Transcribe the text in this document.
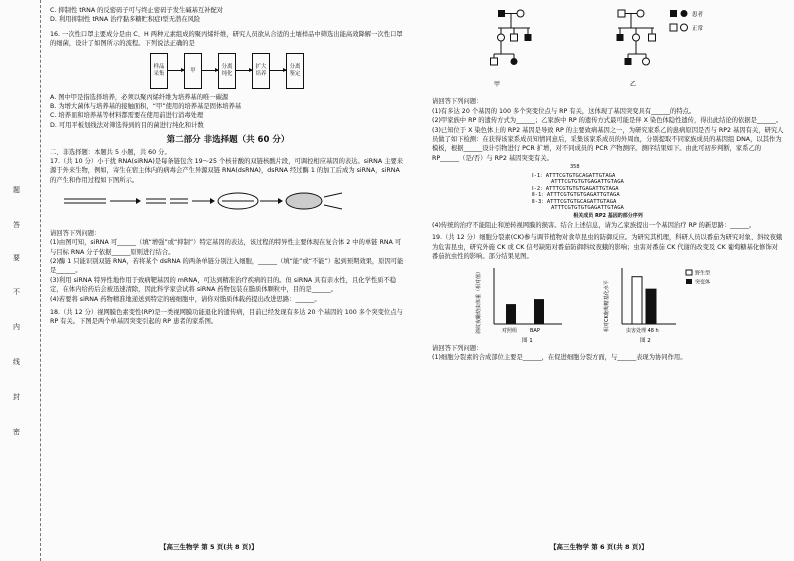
题
答
要
不
内
线
封
密

C. 抑制性 tRNA 的反密码子可与终止密码子发生碱基互补配对

D. 利用抑制性 tRNA 治疗黏多糖贮积症Ⅰ型无潜在风险

16. 一次性口罩主要成分是由 C、H 两种元素组成的聚丙烯纤维，研究人员欲从合适的土壤样品中筛选出能高效降解一次性口罩的细菌，设计了如图所示的流程。下列说法正确的是

样品采集
甲
分离纯化
扩大培养
分离鉴定

A. 图中甲是指选择培养，必须以聚丙烯纤维为培养基的唯一碳源

B. 为增大菌体与培养基的接触面积，“甲”使用的培养基是固体培养基

C. 培养皿和培养基等材料都需要在使用前进行消毒处理

D. 可用平板划线法对筛选得到的目的菌进行纯化和计数

第二部分 非选择题（共 60 分）

二、非选择题：本题共 5 小题，共 60 分。

17.（共 10 分）小干扰 RNA(siRNA)是每条链包含 19～25 个核苷酸的双链核酸片段，可调控相应基因的表达。siRNA 主要来源于外来生物，例如，寄生在宿主体内的病毒会产生异源双链 RNA(dsRNA)，dsRNA 经过酶 1 的加工后成为 siRNA，siRNA 的产生和作用过程如下图所示。

请回答下列问题：

(1)由图可知，siRNA 可______（填“增强”或“抑制”）特定基因的表达，该过程的特异性主要体现在复合体 2 中的单链 RNA 可与目标 RNA 分子依据______原则进行结合。

(2)酶 1 只能识别双链 RNA，若将某个 dsRNA 的两条单链分别注入细胞，______（填“能”或“不能”）起到预期效果，原因可能是______。

(3)利用 siRNA 特异性地作用于致病靶基因的 mRNA，可达到精准治疗疾病的目的。但 siRNA 具有亲水性，且化学性质不稳定，在体内给药后会被迅速清除，因此科学家尝试将 siRNA 药物包装在脂质体颗粒中，目的是______。

(4)若要将 siRNA 药物精准地递送到特定的癌细胞中，请你对脂质体载药提出改进思路：______。

18.（共 12 分）视网膜色素变性(RP)是一类视网膜功能退化的遗传病，目前已经发现有多达 20 个基因的 100 多个突变位点与 RP 有关。下图是两个单基因突变引起的 RP 患者的家系图。

【高三生物学 第 5 页(共 8 页)】
甲	乙
患者
正常

请回答下列问题：

(1)有多达 20 个基因的 100 多个突变位点与 RP 有关，这体现了基因突变具有______的特点。

(2)甲家族中 RP 的遗传方式为______；乙家族中 RP 的遗传方式最可能是伴 X 染色体隐性遗传，得出此结论的依据是______。

(3)已知位于 X 染色体上的 RP2 基因是导致 RP 的主要致病基因之一，为研究家系乙的患病原因是否与 RP2 基因有关，研究人员做了如下检测：在获得该家系成员知情同意后，采集该家系成员的外周血，分别提取不同家族成员的基因组 DNA，以其作为模板，根据______设计引物进行 PCR 扩增，对不同成员的 PCR 产物测序。测序结果如下。由此可初步判断，家系乙的 RP______（是/否）与 RP2 基因突变有关。

358
Ⅰ-1：ATTTCGTGTGCAGATTGTAGA
ATTTCGTGTGTGAGATTGTAGA
Ⅰ-2：ATTTCGTGTGTGAGATTGTAGA
Ⅱ-1：ATTTCGTGTGTGAGATTGTAGA
Ⅱ-3：ATTTCGTGTGCAGATTGTAGA
ATTTCGTGTGTGAGATTGTAGA
相关成员 RP2 基因的部分序列

(4)传统的治疗不能阻止和逆转视网膜的损害。结合上述信息，请为乙家族提出一个基因治疗 RP 的新思路：______。

19.（共 12 分）细胞分裂素(CK)参与调节植物对食草昆虫的防御反应。为研究其机理，科研人员以番茄为研究对象、斜纹夜蛾为危害昆虫，研究外施 CK 或 CK 信号缺陷对番茄防御斜纹夜蛾的影响；虫害对番茄 CK 代谢的改变及 CK 葡萄糖基化修饰对番茄抗虫性的影响。部分结果见图。

斜纹夜蛾幼虫体重（相对值）	对照组	BAP
图 1
相对CK葡萄糖基化水平	虫害处理 48 h
野生型
突变体
图 2

请回答下列问题：

(1)细胞分裂素的合成部位主要是______，在促进细胞分裂方面，与______表现为协同作用。

【高三生物学 第 6 页(共 8 页)】
